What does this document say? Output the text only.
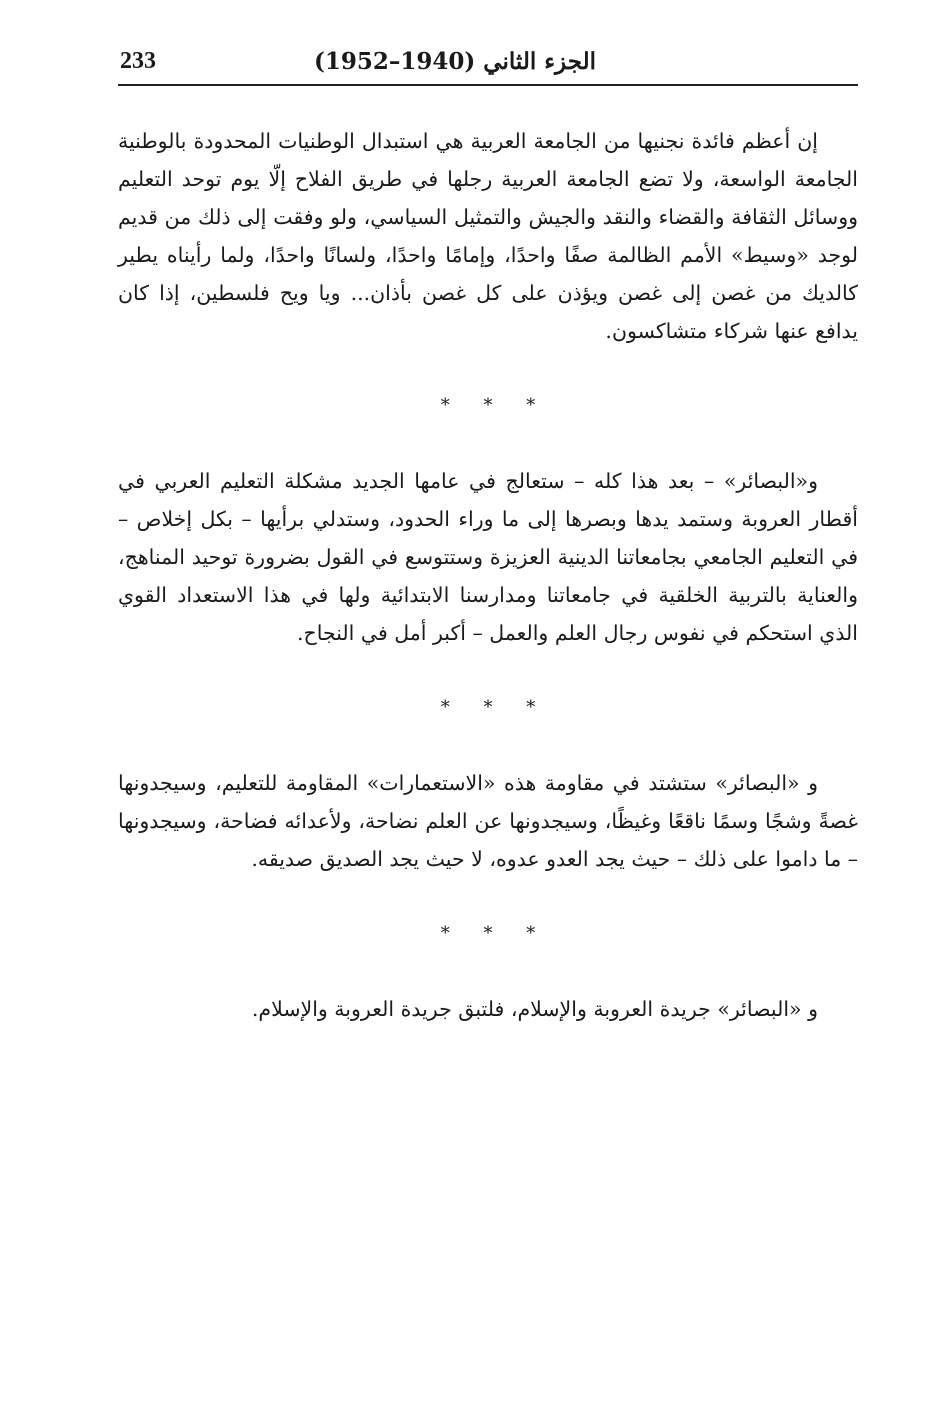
233	الجزء الثاني (1940–1952)

إن أعظم فائدة نجنيها من الجامعة العربية هي استبدال الوطنيات المحدودة بالوطنية الجامعة الواسعة، ولا تضع الجامعة العربية رجلها في طريق الفلاح إلّا يوم توحد التعليم ووسائل الثقافة والقضاء والنقد والجيش والتمثيل السياسي، ولو وفقت إلى ذلك من قديم لوجد «وسيط» الأمم الظالمة صفًا واحدًا، وإمامًا واحدًا، ولسانًا واحدًا، ولما رأيناه يطير كالديك من غصن إلى غصن ويؤذن على كل غصن بأذان... ويا ويح فلسطين، إذا كان يدافع عنها شركاء متشاكسون.

* * *

و«البصائر» – بعد هذا كله – ستعالج في عامها الجديد مشكلة التعليم العربي في أقطار العروبة وستمد يدها وبصرها إلى ما وراء الحدود، وستدلي برأيها – بكل إخلاص – في التعليم الجامعي بجامعاتنا الدينية العزيزة وستتوسع في القول بضرورة توحيد المناهج، والعناية بالتربية الخلقية في جامعاتنا ومدارسنا الابتدائية ولها في هذا الاستعداد القوي الذي استحكم في نفوس رجال العلم والعمل – أكبر أمل في النجاح.

* * *

و «البصائر» ستشتد في مقاومة هذه «الاستعمارات» المقاومة للتعليم، وسيجدونها غصةً وشجًا وسمًا ناقعًا وغيظًا، وسيجدونها عن العلم نضاحة، ولأعدائه فضاحة، وسيجدونها – ما داموا على ذلك – حيث يجد العدو عدوه، لا حيث يجد الصديق صديقه.

* * *

و «البصائر» جريدة العروبة والإسلام، فلتبق جريدة العروبة والإسلام.
